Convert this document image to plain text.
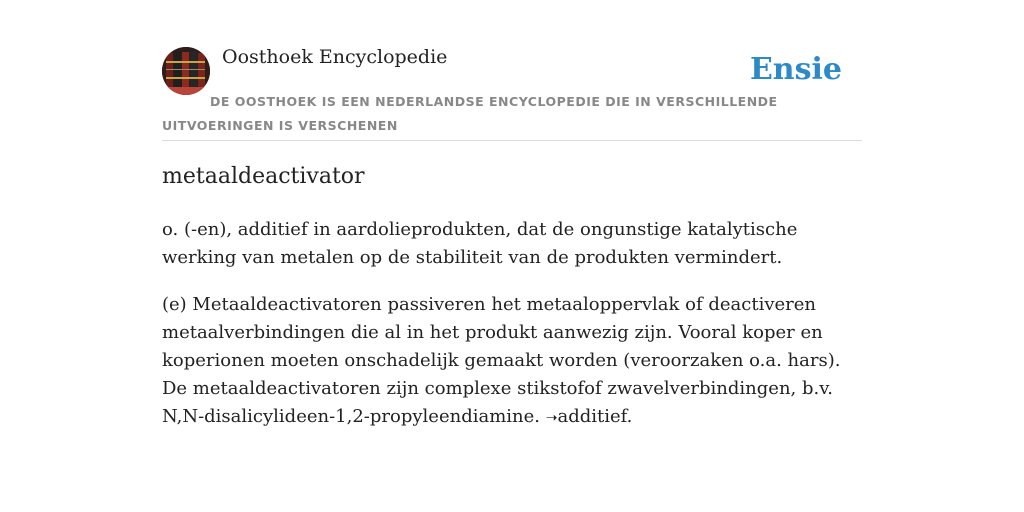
Oosthoek Encyclopedie	Ensie
DE OOSTHOEK IS EEN NEDERLANDSE ENCYCLOPEDIE DIE IN VERSCHILLENDE UITVOERINGEN IS VERSCHENEN
metaaldeactivator

o. (-en), additief in aardolieprodukten, dat de ongunstige katalytische werking van metalen op de stabiliteit van de produkten vermindert.

(e) Metaaldeactivatoren passiveren het metaaloppervlak of deactiveren metaalverbindingen die al in het produkt aanwezig zijn. Vooral koper en koperionen moeten onschadelijk gemaakt worden (veroorzaken o.a. hars). De metaaldeactivatoren zijn complexe stikstofof zwavelverbindingen, b.v. N,N-disalicylideen-1,2-propyleendiamine. ➝additief.
